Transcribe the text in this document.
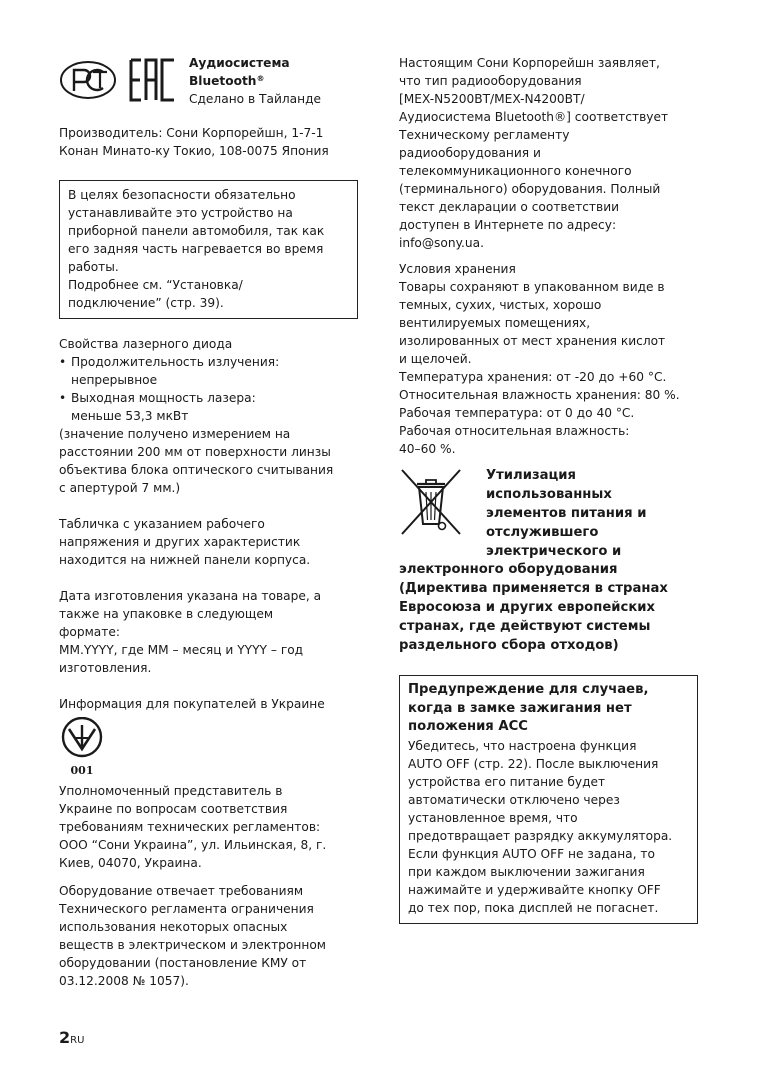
Аудиосистема
Bluetooth®
Сделано в Тайланде

Производитель: Сони Корпорейшн, 1-7-1
Конан Минато-ку Токио, 108-0075 Япония

В целях безопасности обязательно
устанавливайте это устройство на
приборной панели автомобиля, так как
его задняя часть нагревается во время
работы.
Подробнее см. “Установка/
подключение” (стр. 39).
Свойства лазерного диода
• Продолжительность излучения:
непрерывное
• Выходная мощность лазера:
меньше 53,3 мкВт
(значение получено измерением на
расстоянии 200 мм от поверхности линзы
объектива блока оптического считывания
с апертурой 7 мм.)

Табличка с указанием рабочего
напряжения и других характеристик
находится на нижней панели корпуса.

Дата изготовления указана на товаре, а
также на упаковке в следующем
формате:
MM.YYYY, где MM – месяц и YYYY – год
изготовления.

Информация для покупателей в Украине
001

Уполномоченный представитель в
Украине по вопросам соответствия
требованиям технических регламентов:
ООО “Сони Украина”, ул. Ильинская, 8, г.
Киев, 04070, Украина.

Оборудование отвечает требованиям
Технического регламента ограничения
использования некоторых опасных
веществ в электрическом и электронном
оборудовании (постановление КМУ от
03.12.2008 № 1057).

Настоящим Сони Корпорейшн заявляет,
что тип радиооборудования
[MEX-N5200BT/MEX-N4200BT/
Аудиосистема Bluetooth®] соответствует
Техническому регламенту
радиооборудования и
телекоммуникационного конечного
(терминального) оборудования. Полный
текст декларации о соответствии
доступен в Интернете по адресу:
info@sony.ua.

Условия хранения
Товары сохраняют в упакованном виде в
темных, сухих, чистых, хорошо
вентилируемых помещениях,
изолированных от мест хранения кислот
и щелочей.
Температура хранения: от -20 до +60 °C.
Относительная влажность хранения: 80 %.
Рабочая температура: от 0 до 40 °C.
Рабочая относительная влажность:
40–60 %.

Утилизация
использованных
элементов питания и
отслужившего
электрического и
электронного оборудования
(Директива применяется в странах
Евросоюза и других европейских
странах, где действуют системы
раздельного сбора отходов)
Предупреждение для случаев,
когда в замке зажигания нет
положения ACC

Убедитесь, что настроена функция
AUTO OFF (стр. 22). После выключения
устройства его питание будет
автоматически отключено через
установленное время, что
предотвращает разрядку аккумулятора.
Если функция AUTO OFF не задана, то
при каждом выключении зажигания
нажимайте и удерживайте кнопку OFF
до тех пор, пока дисплей не погаснет.

2RU
